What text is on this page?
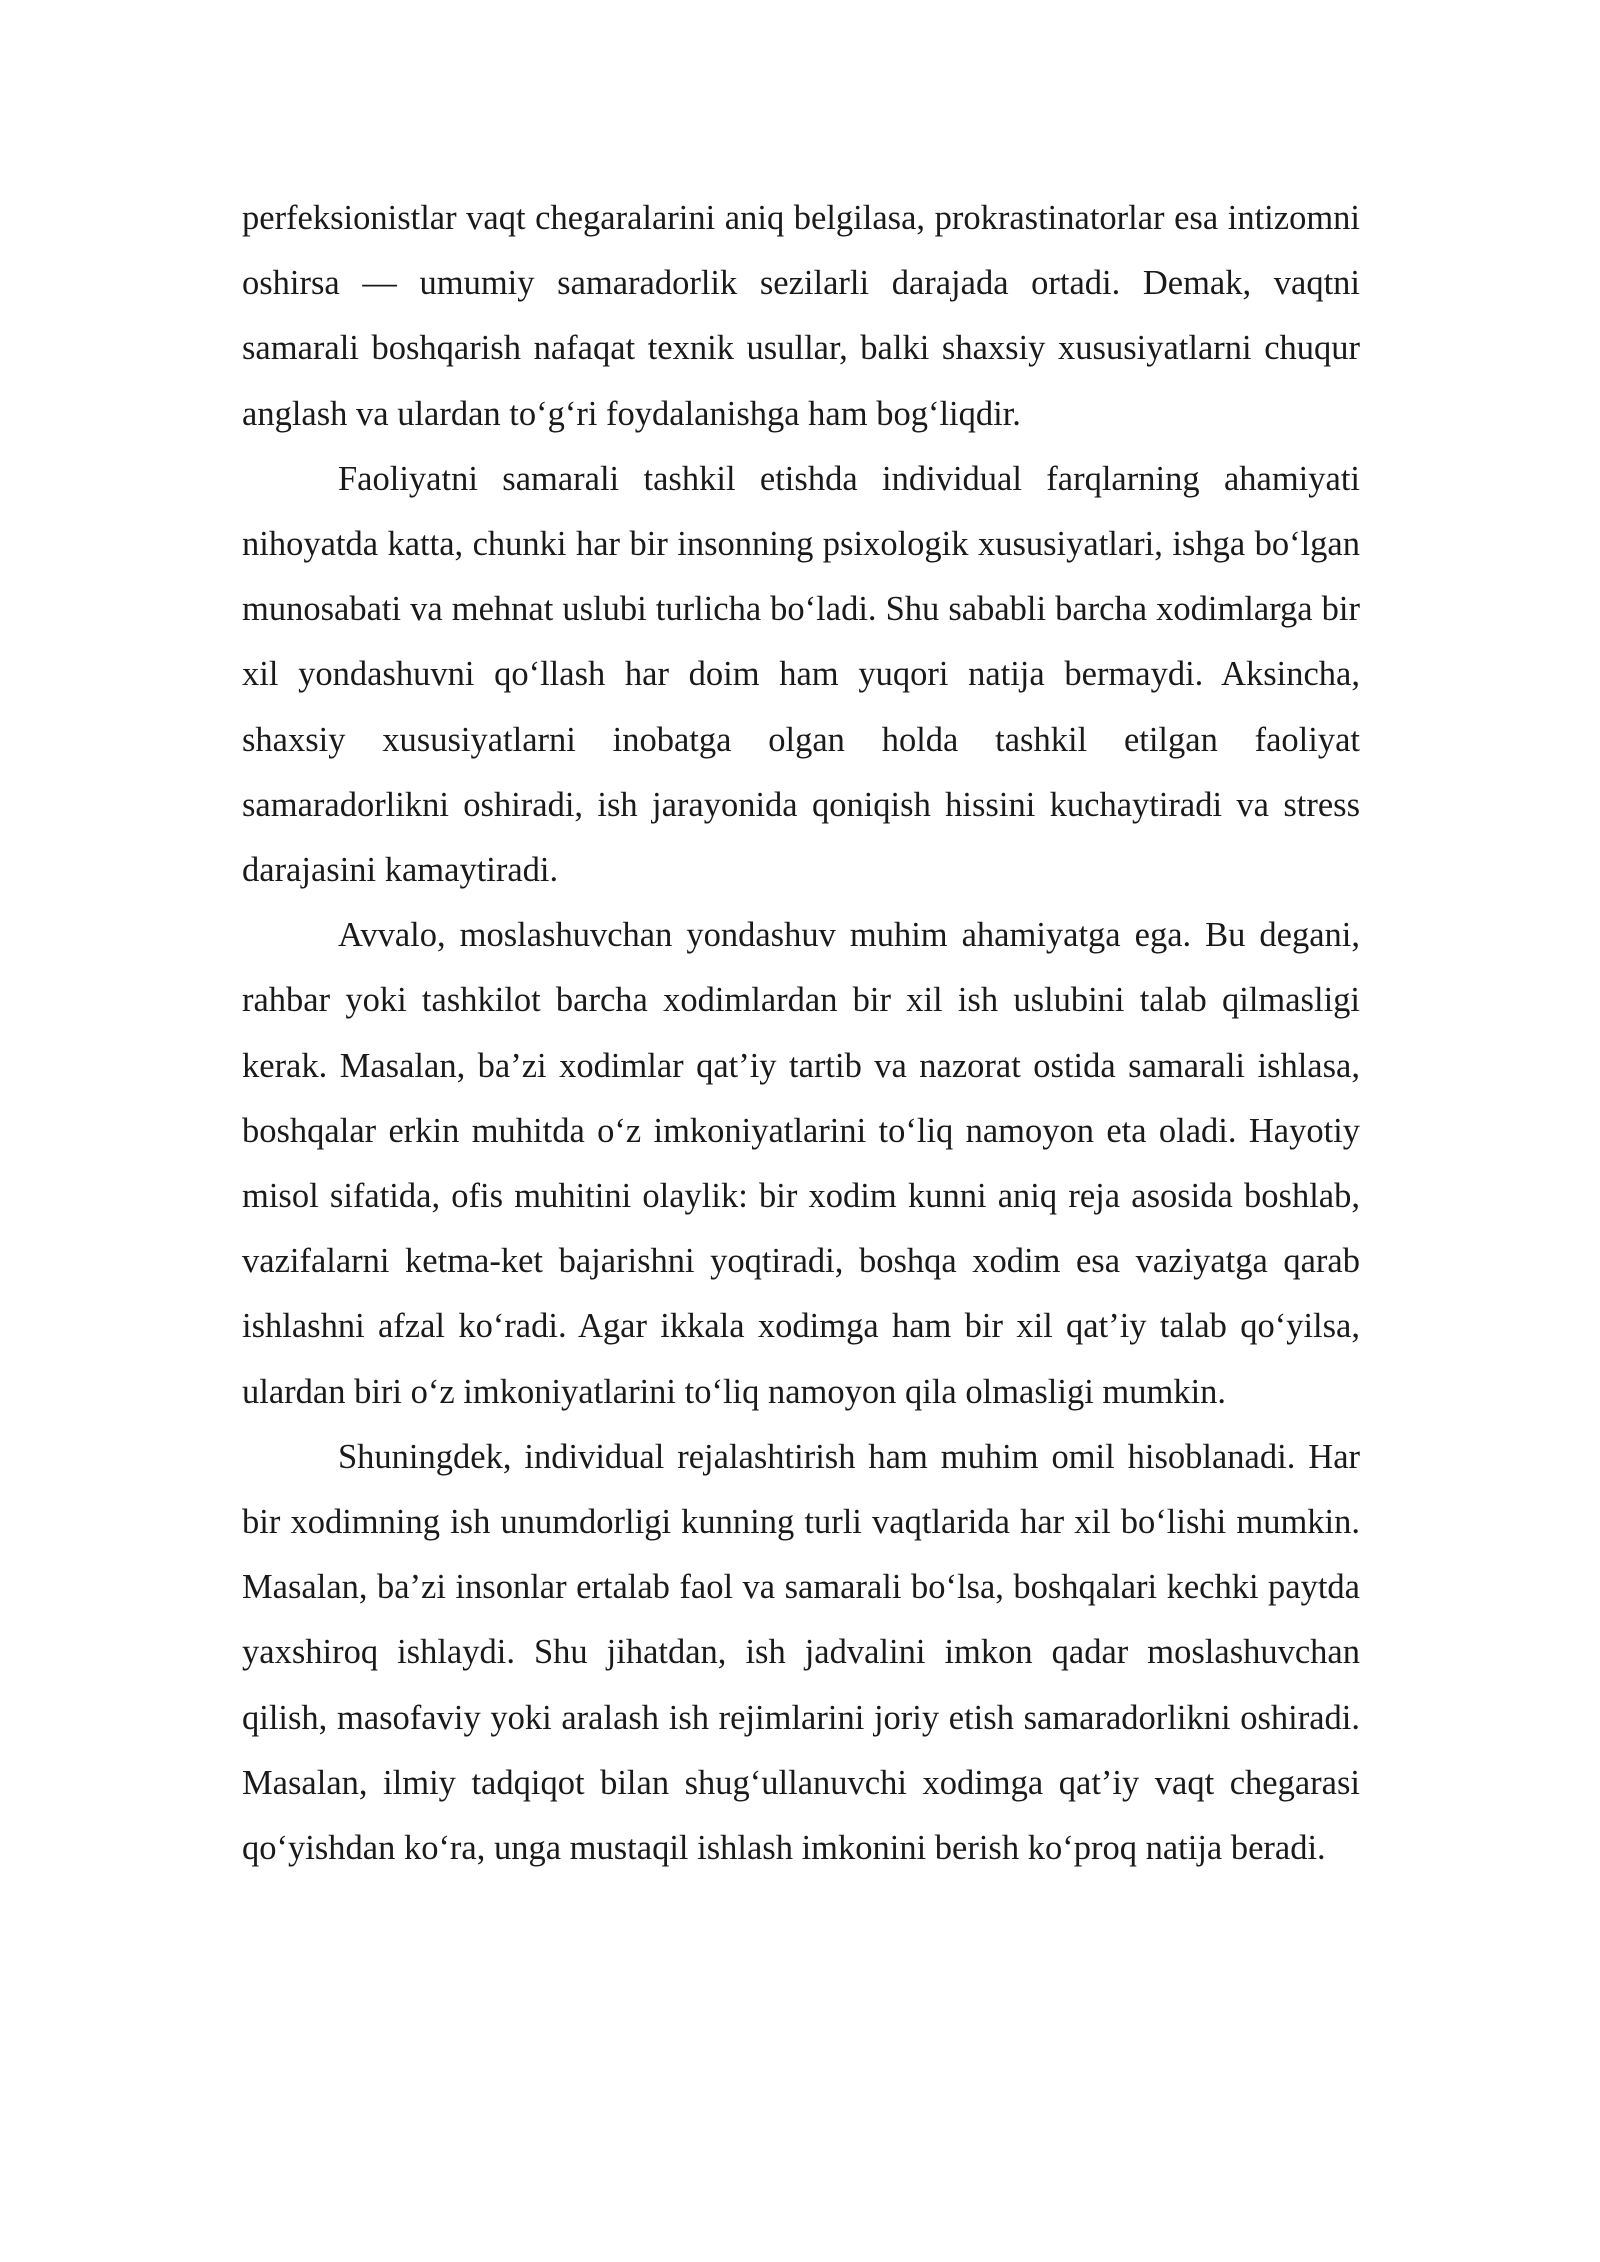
perfeksionistlar vaqt chegaralarini aniq belgilasa, prokrastinatorlar esa intizomni oshirsa — umumiy samaradorlik sezilarli darajada ortadi. Demak, vaqtni samarali boshqarish nafaqat texnik usullar, balki shaxsiy xususiyatlarni chuqur anglash va ulardan to‘g‘ri foydalanishga ham bog‘liqdir.

Faoliyatni samarali tashkil etishda individual farqlarning ahamiyati nihoyatda katta, chunki har bir insonning psixologik xususiyatlari, ishga bo‘lgan munosabati va mehnat uslubi turlicha bo‘ladi. Shu sababli barcha xodimlarga bir xil yondashuvni qo‘llash har doim ham yuqori natija bermaydi. Aksincha, shaxsiy xususiyatlarni inobatga olgan holda tashkil etilgan faoliyat samaradorlikni oshiradi, ish jarayonida qoniqish hissini kuchaytiradi va stress darajasini kamaytiradi.

Avvalo, moslashuvchan yondashuv muhim ahamiyatga ega. Bu degani, rahbar yoki tashkilot barcha xodimlardan bir xil ish uslubini talab qilmasligi kerak. Masalan, ba’zi xodimlar qat’iy tartib va nazorat ostida samarali ishlasa, boshqalar erkin muhitda o‘z imkoniyatlarini to‘liq namoyon eta oladi. Hayotiy misol sifatida, ofis muhitini olaylik: bir xodim kunni aniq reja asosida boshlab, vazifalarni ketma-ket bajarishni yoqtiradi, boshqa xodim esa vaziyatga qarab ishlashni afzal ko‘radi. Agar ikkala xodimga ham bir xil qat’iy talab qo‘yilsa, ulardan biri o‘z imkoniyatlarini to‘liq namoyon qila olmasligi mumkin.

Shuningdek, individual rejalashtirish ham muhim omil hisoblanadi. Har bir xodimning ish unumdorligi kunning turli vaqtlarida har xil bo‘lishi mumkin. Masalan, ba’zi insonlar ertalab faol va samarali bo‘lsa, boshqalari kechki paytda yaxshiroq ishlaydi. Shu jihatdan, ish jadvalini imkon qadar moslashuvchan qilish, masofaviy yoki aralash ish rejimlarini joriy etish samaradorlikni oshiradi. Masalan, ilmiy tadqiqot bilan shug‘ullanuvchi xodimga qat’iy vaqt chegarasi qo‘yishdan ko‘ra, unga mustaqil ishlash imkonini berish ko‘proq natija beradi.
